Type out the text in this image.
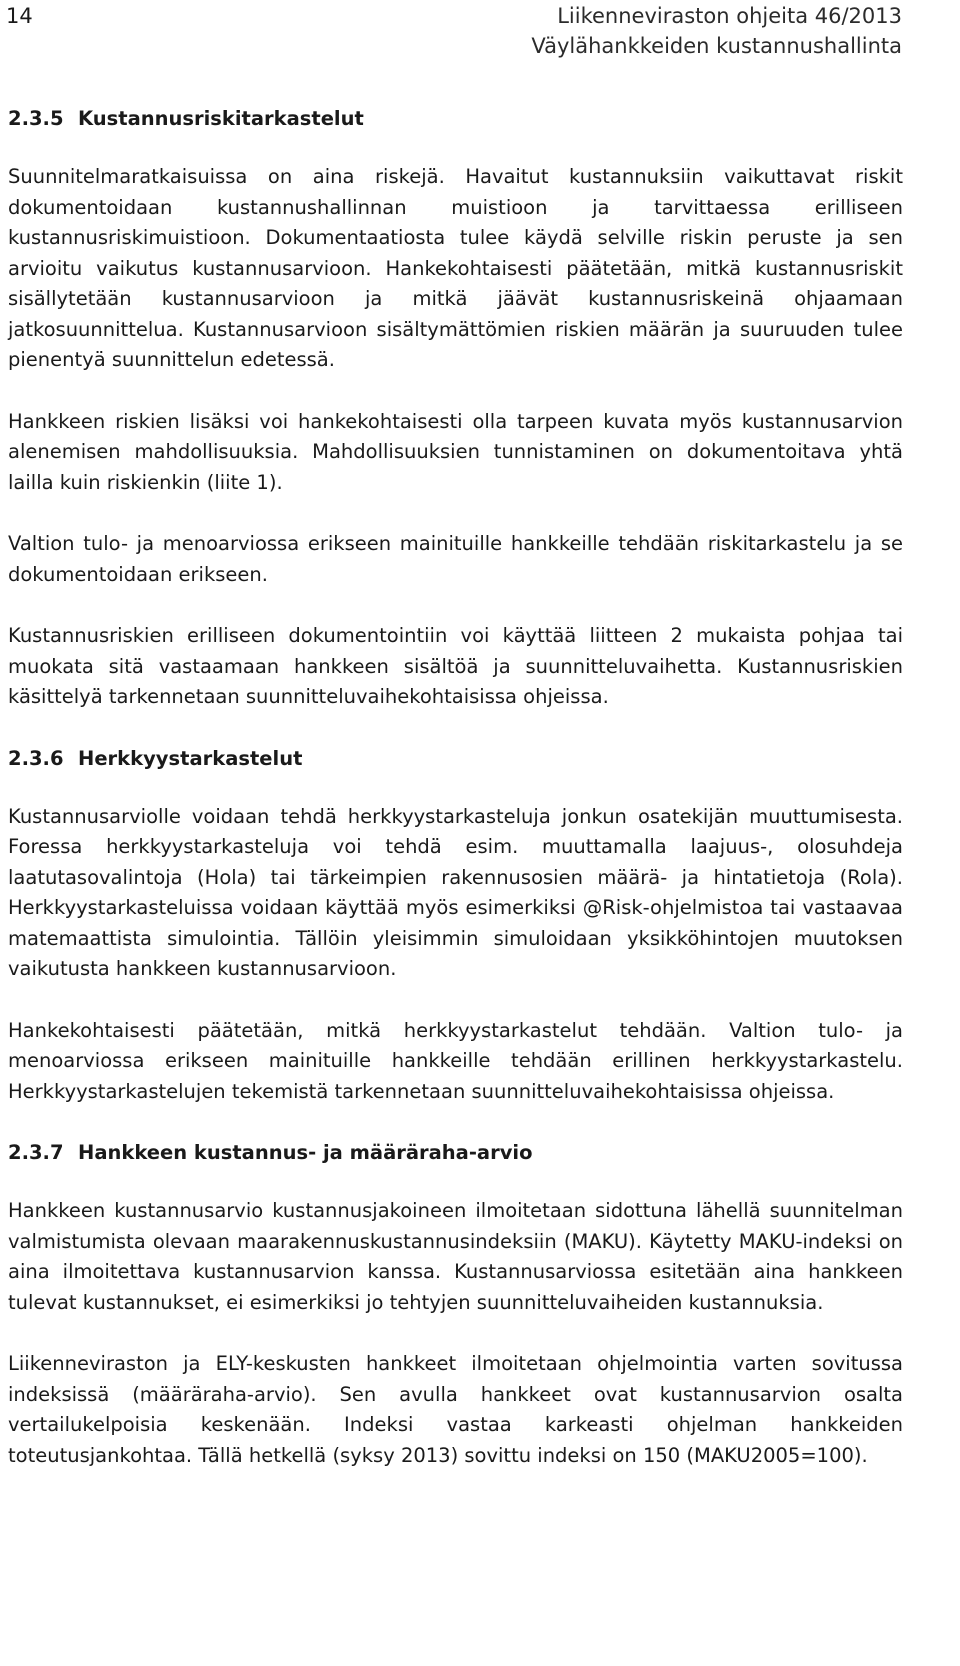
14	Liikenneviraston ohjeita 46/2013
Väylähankkeiden kustannushallinta
2.3.5 Kustannusriskitarkastelut

Suunnitelmaratkaisuissa on aina riskejä. Havaitut kustannuksiin vaikuttavat riskit dokumentoidaan kustannushallinnan muistioon ja tarvittaessa erilliseen kustannusriskimuistioon. Dokumentaatiosta tulee käydä selville riskin peruste ja sen arvioitu vaikutus kustannusarvioon. Hankekohtaisesti päätetään, mitkä kustannusriskit sisällytetään kustannusarvioon ja mitkä jäävät kustannusriskeinä ohjaamaan jatkosuunnittelua. Kustannusarvioon sisältymättömien riskien määrän ja suuruuden tulee pienentyä suunnittelun edetessä.

Hankkeen riskien lisäksi voi hankekohtaisesti olla tarpeen kuvata myös kustannusarvion alenemisen mahdollisuuksia. Mahdollisuuksien tunnistaminen on dokumentoitava yhtä lailla kuin riskienkin (liite 1).

Valtion tulo- ja menoarviossa erikseen mainituille hankkeille tehdään riskitarkastelu ja se dokumentoidaan erikseen.

Kustannusriskien erilliseen dokumentointiin voi käyttää liitteen 2 mukaista pohjaa tai muokata sitä vastaamaan hankkeen sisältöä ja suunnitteluvaihetta. Kustannusriskien käsittelyä tarkennetaan suunnitteluvaihekohtaisissa ohjeissa.

2.3.6 Herkkyystarkastelut

Kustannusarviolle voidaan tehdä herkkyystarkasteluja jonkun osatekijän muuttumisesta. Foressa herkkyystarkasteluja voi tehdä esim. muuttamalla laajuus-, olosuhdeja laatutasovalintoja (Hola) tai tärkeimpien rakennusosien määrä- ja hintatietoja (Rola). Herkkyystarkasteluissa voidaan käyttää myös esimerkiksi @Risk-ohjelmistoa tai vastaavaa matemaattista simulointia. Tällöin yleisimmin simuloidaan yksikköhintojen muutoksen vaikutusta hankkeen kustannusarvioon.

Hankekohtaisesti päätetään, mitkä herkkyystarkastelut tehdään. Valtion tulo- ja menoarviossa erikseen mainituille hankkeille tehdään erillinen herkkyystarkastelu. Herkkyystarkastelujen tekemistä tarkennetaan suunnitteluvaihekohtaisissa ohjeissa.

2.3.7 Hankkeen kustannus- ja määräraha-arvio

Hankkeen kustannusarvio kustannusjakoineen ilmoitetaan sidottuna lähellä suunnitelman valmistumista olevaan maarakennuskustannusindeksiin (MAKU). Käytetty MAKU-indeksi on aina ilmoitettava kustannusarvion kanssa. Kustannusarviossa esitetään aina hankkeen tulevat kustannukset, ei esimerkiksi jo tehtyjen suunnitteluvaiheiden kustannuksia.

Liikenneviraston ja ELY-keskusten hankkeet ilmoitetaan ohjelmointia varten sovitussa indeksissä (määräraha-arvio). Sen avulla hankkeet ovat kustannusarvion osalta vertailukelpoisia keskenään. Indeksi vastaa karkeasti ohjelman hankkeiden toteutusjankohtaa. Tällä hetkellä (syksy 2013) sovittu indeksi on 150 (MAKU2005=100).
